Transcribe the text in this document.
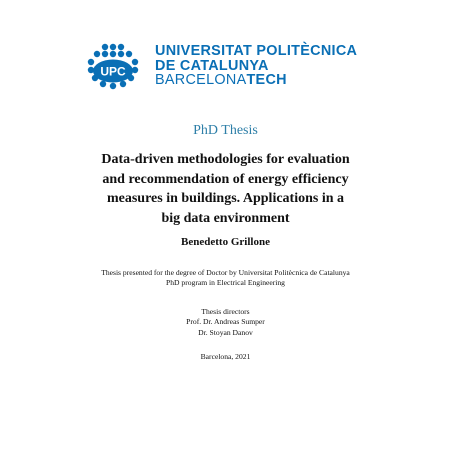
UPC
UNIVERSITAT POLITÈCNICA
DE CATALUNYA
BARCELONATECH
PhD Thesis
Data-driven methodologies for evaluation
and recommendation of energy efficiency
measures in buildings. Applications in a
big data environment
Benedetto Grillone
Thesis presented for the degree of Doctor by Universitat Politècnica de Catalunya
PhD program in Electrical Engineering
Thesis directors
Prof. Dr. Andreas Sumper
Dr. Stoyan Danov
Barcelona, 2021
